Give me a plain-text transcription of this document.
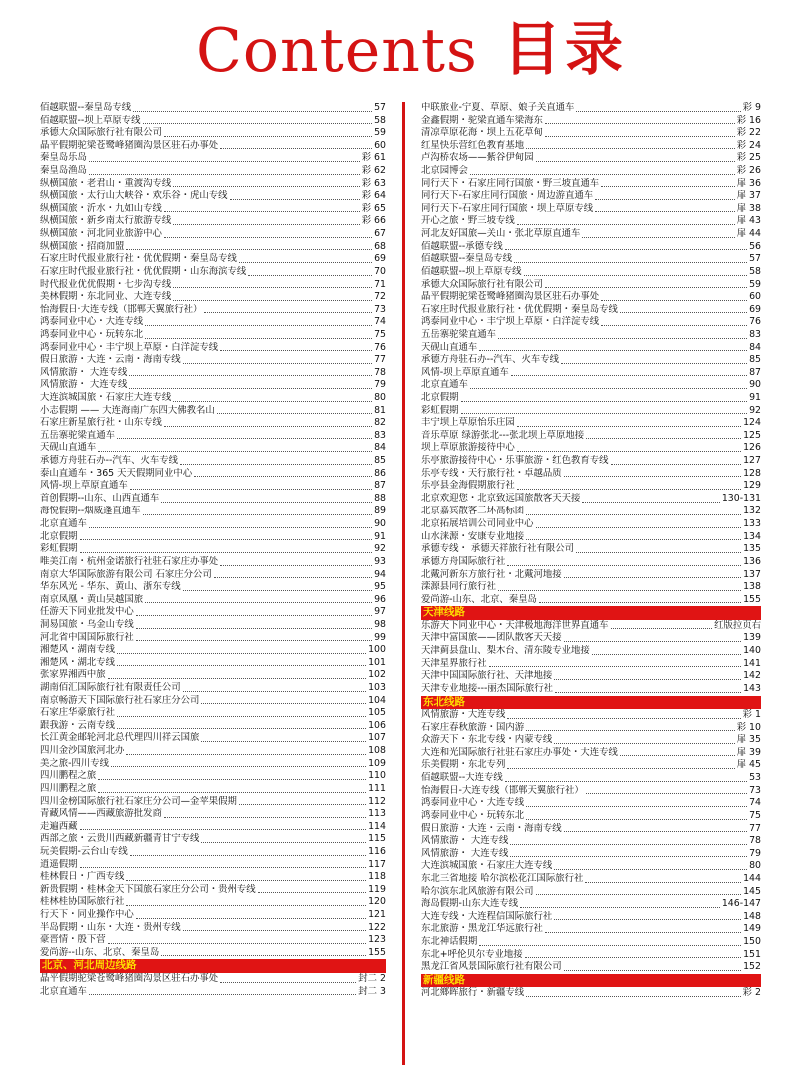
Contents 目录
佰越联盟--秦皇岛专线	57
佰越联盟--坝上草原专线	58
承德大众国际旅行社有限公司	59
晶平假期驼梁苍鹭峰猪圈沟景区驻石办事处	60
秦皇岛乐岛	彩 61
秦皇岛渔岛	彩 62
纵横国旅・老君山・重渡沟专线	彩 63
纵横国旅・太行山大峡谷・欢乐谷・虎山专线	彩 64
纵横国旅・沂水・九如山专线	彩 65
纵横国旅・新乡南太行旅游专线	彩 66
纵横国旅・河北同业旅游中心	67
纵横国旅・招商加盟	68
石家庄时代报业旅行社・优优假期・秦皇岛专线	69
石家庄时代报业旅行社・优优假期・山东海滨专线	70
时代报业优优假期・七步沟专线	71
美林假期・东北同业、大连专线	72
怡海假日·大连专线（邯郸天翼旅行社）	73
鸿泰同业中心・大连专线	74
鸿泰同业中心・玩转东北	75
鸿泰同业中心・丰宁坝上草原・白洋淀专线	76
假日旅游・大连・云南・海南专线	77
风情旅游・ 大连专线	78
风情旅游・ 大连专线	79
大连滨城国旅・石家庄大连专线	80
小志假期 —— 大连海南广东四大佛教名山	81
石家庄新星旅行社・山东专线	82
五岳寨驼梁直通车	83
天砚山直通车	84
承德方舟驻石办--汽车、火车专线	85
泰山直通车・365 天天假期同业中心	86
风情-坝上草原直通车	87
首创假期--山东、山西直通车	88
海悦假期--烟威蓬直通车	89
北京直通车	90
北京假期	91
彩虹假期	92
唯美江南・杭州金诺旅行社驻石家庄办事处	93
南京大华国际旅游有限公司 石家庄分公司	94
华东风光 - 华东、黄山、浙东专线	95
南京凤凰・黄山吴越国旅	96
任游天下同业批发中心	97
洞易国旅・乌金山专线	98
河北省中国国际旅行社	99
湘楚风・湖南专线	100
湘楚风・湖北专线	101
张家界湘西中旅	102
湖南佰汇国际旅行社有限责任公司	103
南京畅游天下国际旅行社石家庄分公司	104
石家庄华豪旅行社	105
跟我游・云南专线	106
长江黄金邮轮河北总代理四川祥云国旅	107
四川金沙国旅河北办	108
美之旅-四川专线	109
四川鹏程之旅	110
四川鹏程之旅	111
四川金榜国际旅行社石家庄分公司—金苹果假期	112
青藏风情——西藏旅游批发商	113
走遍西藏	114
西部之旅・云贵川西藏新疆青甘宁专线	115
玩美假期-云台山专线	116
逍遥假期	117
桂林假日・广西专线	118
新贵假期・桂林金天下国旅石家庄分公司・贵州专线	119
桂林桂协国际旅行社	120
行天下・同业操作中心	121
半岛假期・山东・大连・贵州专线	122
豪晋情・殷下营	123
爱尚游--山东、北京、秦皇岛	155
北京、河北周边线路
晶平假期驼梁苍鹭峰猪圈沟景区驻石办事处	封二 2
北京直通车	封二 3
中联旅业-宁夏、草原、娘子关直通车	彩 9
金鑫假期・驼梁直通车梁海东	彩 16
清凉草原花海・坝上五花草甸	彩 22
红星快乐营红色教育基地	彩 24
卢沟桥农场——紫谷伊甸园	彩 25
北京园博会	彩 26
同行天下・石家庄同行国旅・野三坡直通车	扉 36
同行天下-石家庄同行国旅・周边游直通车	扉 37
同行天下-石家庄同行国旅・坝上草原专线	扉 38
开心之旅・野三坡专线	扉 43
河北友好国旅—关山・张北草原直通车	扉 44
佰越联盟--承德专线	56
佰越联盟--秦皇岛专线	57
佰越联盟--坝上草原专线	58
承德大众国际旅行社有限公司	59
晶平假期驼梁苍鹭峰猪圈沟景区驻石办事处	60
石家庄时代报业旅行社・优优假期・秦皇岛专线	69
鸿泰同业中心・丰宁坝上草原・白洋淀专线	76
五岳寨驼梁直通车	83
天砚山直通车	84
承德方舟驻石办--汽车、火车专线	85
风情-坝上草原直通车	87
北京直通车	90
北京假期	91
彩虹假期	92
丰宁坝上草原怡乐庄园	124
音乐草原 绿游张北---张北坝上草原地接	125
坝上草原旅游接待中心	126
乐亭旅游接待中心・乐事旅游・红色教育专线	127
乐亭专线・天行旅行社・卓越品质	128
乐亭县金海假期旅行社	129
北京欢迎您・北京致远国旅散客天天接	130-131
北京嘉宾散客二环高标团	132
北京拓展培训公司同业中心	133
山水涞源・安康专业地接	134
承德专线・ 承德天祥旅行社有限公司	135
承德方舟国际旅行社	136
北戴河新东方旅行社・北戴河地接	137
滦源县同行旅行社	138
爱尚游-山东、北京、秦皇岛	155
天津线路
乐游天下同业中心・天津极地海洋世界直通车	红版拉页右
天津中富国旅——团队散客天天接	139
天津蓟县盘山、梨木台、清东陵专业地接	140
天津星界旅行社	141
天津中国国际旅行社、天津地接	142
天津专业地接---丽杰国际旅行社	143
东北线路
风情旅游・大连专线	彩 1
石家庄春秋旅游・国内游	彩 10
众游天下・东北专线・内蒙专线	扉 35
大连和光国际旅行社驻石家庄办事处・大连专线	扉 39
乐美假期・东北专列	扉 45
佰越联盟--大连专线	53
怡海假日-大连专线（邯郸天翼旅行社）	73
鸿泰同业中心・大连专线	74
鸿泰同业中心・玩转东北	75
假日旅游・大连・云南・海南专线	77
风情旅游・ 大连专线	78
风情旅游・ 大连专线	79
大连滨城国旅・石家庄大连专线	80
东北三省地接 哈尔滨松花江国际旅行社	144
哈尔滨东北风旅游有限公司	145
海岛假期-山东大连专线	146-147
大连专线・大连程信国际旅行社	148
东北旅游・黑龙江华远旅行社	149
东北神话假期	150
东北+呼伦贝尔专业地接	151
黑龙江省风景国际旅行社有限公司	152
新疆线路
河北鄉晖旅行・新疆专线	彩 2
